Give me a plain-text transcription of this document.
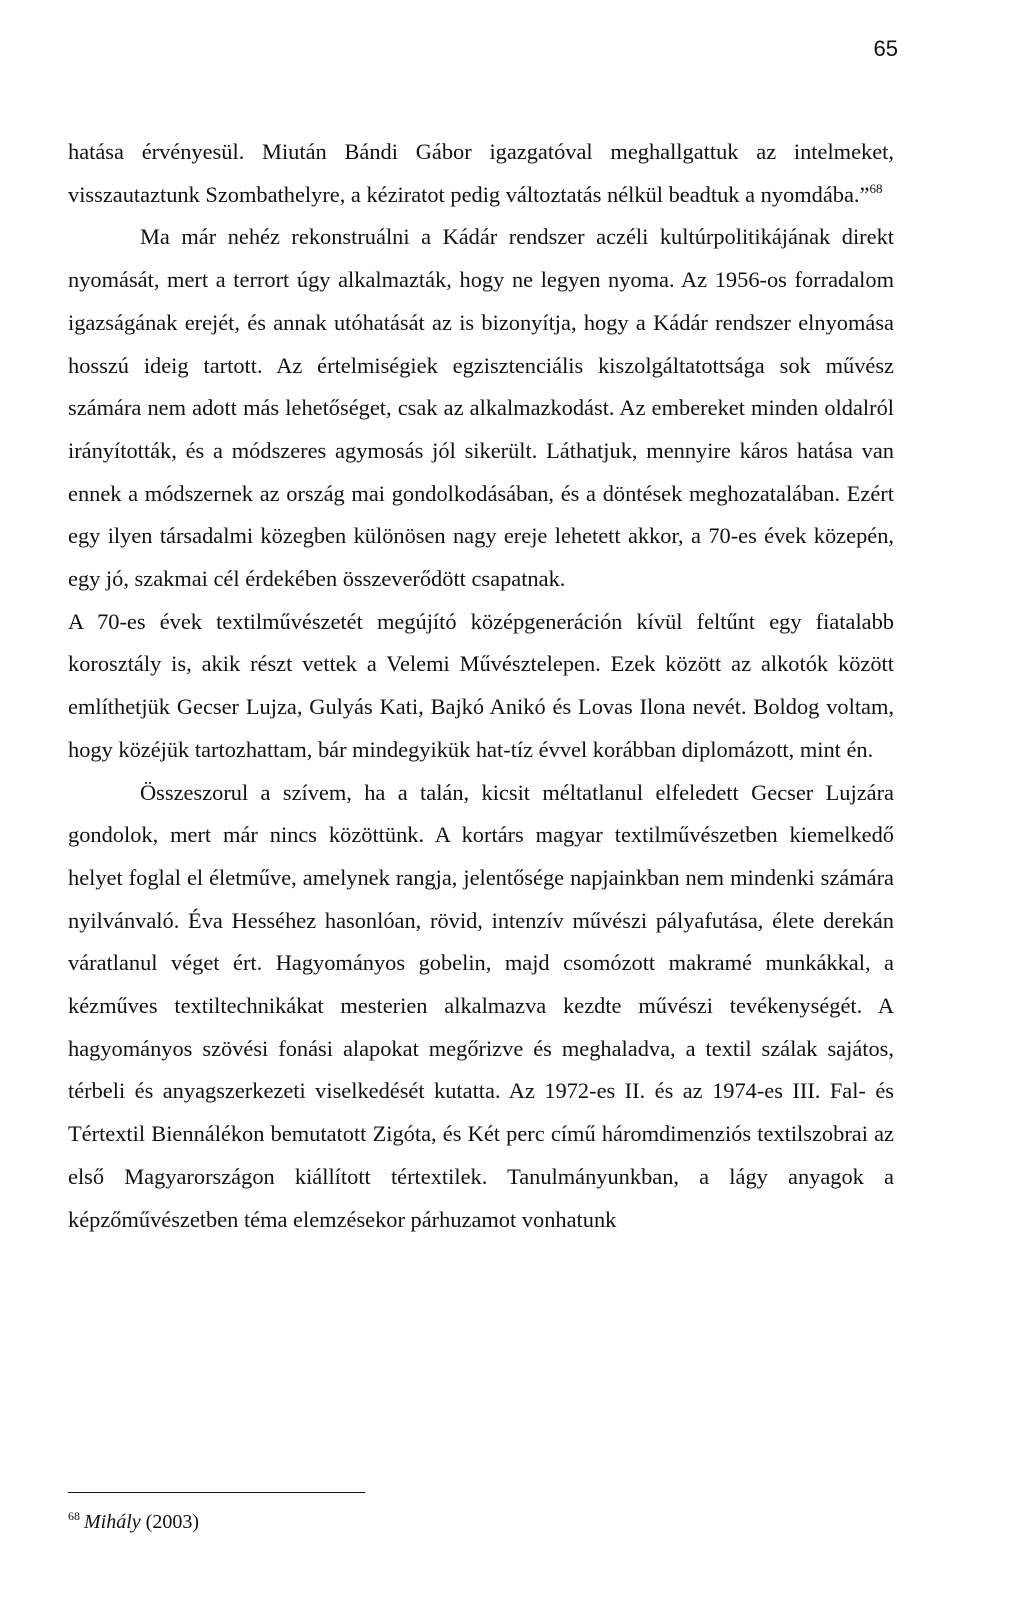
65

hatása érvényesül. Miután Bándi Gábor igazgatóval meghallgattuk az intelmeket, visszautaztunk Szombathelyre, a kéziratot pedig változtatás nélkül beadtuk a nyomdába.”$^{68}$

Ma már nehéz rekonstruálni a Kádár rendszer aczéli kultúrpolitikájának direkt nyomását, mert a terrort úgy alkalmazták, hogy ne legyen nyoma. Az 1956-os forradalom igazságának erejét, és annak utóhatását az is bizonyítja, hogy a Kádár rendszer elnyomása hosszú ideig tartott. Az értelmiségiek egzisztenciális kiszolgáltatottsága sok művész számára nem adott más lehetőséget, csak az alkalmazkodást. Az embereket minden oldalról irányították, és a módszeres agymosás jól sikerült. Láthatjuk, mennyire káros hatása van ennek a módszernek az ország mai gondolkodásában, és a döntések meghozatalában. Ezért egy ilyen társadalmi közegben különösen nagy ereje lehetett akkor, a 70-es évek közepén, egy jó, szakmai cél érdekében összeverődött csapatnak.

A 70-es évek textilművészetét megújító középgeneráción kívül feltűnt egy fiatalabb korosztály is, akik részt vettek a Velemi Művésztelepen. Ezek között az alkotók között említhetjük Gecser Lujza, Gulyás Kati, Bajkó Anikó és Lovas Ilona nevét. Boldog voltam, hogy közéjük tartozhattam, bár mindegyikük hat-tíz évvel korábban diplomázott, mint én.

Összeszorul a szívem, ha a talán, kicsit méltatlanul elfeledett Gecser Lujzára gondolok, mert már nincs közöttünk. A kortárs magyar textilművészetben kiemelkedő helyet foglal el életműve, amelynek rangja, jelentősége napjainkban nem mindenki számára nyilvánvaló. Éva Hesséhez hasonlóan, rövid, intenzív művészi pályafutása, élete derekán váratlanul véget ért. Hagyományos gobelin, majd csomózott makramé munkákkal, a kézműves textiltechnikákat mesterien alkalmazva kezdte művészi tevékenységét. A hagyományos szövési fonási alapokat megőrizve és meghaladva, a textil szálak sajátos, térbeli és anyagszerkezeti viselkedését kutatta. Az 1972-es II. és az 1974-es III. Fal- és Tértextil Biennálékon bemutatott Zigóta, és Két perc című háromdimenziós textilszobrai az első Magyarországon kiállított tértextilek. Tanulmányunkban, a lágy anyagok a képzőművészetben téma elemzésekor párhuzamot vonhatunk

$^{68}$ Mihály (2003)
